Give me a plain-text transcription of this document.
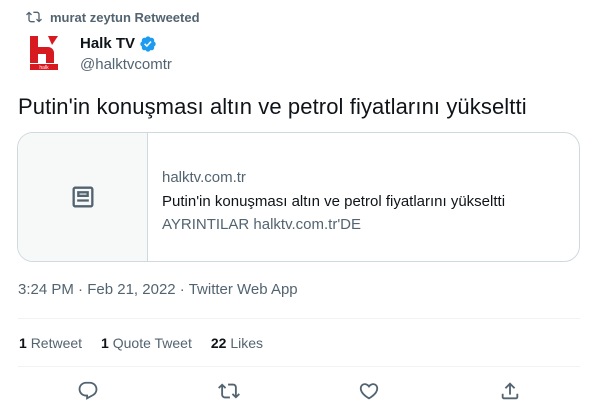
murat zeytun Retweeted
halk
Halk TV
@halktvcomtr
Putin'in konuşması altın ve petrol fiyatlarını yükseltti
halktv.com.tr
Putin'in konuşması altın ve petrol fiyatlarını yükseltti
AYRINTILAR halktv.com.tr'DE
3:24 PM · Feb 21, 2022 · Twitter Web App
1 Retweet 1 Quote Tweet 22 Likes
